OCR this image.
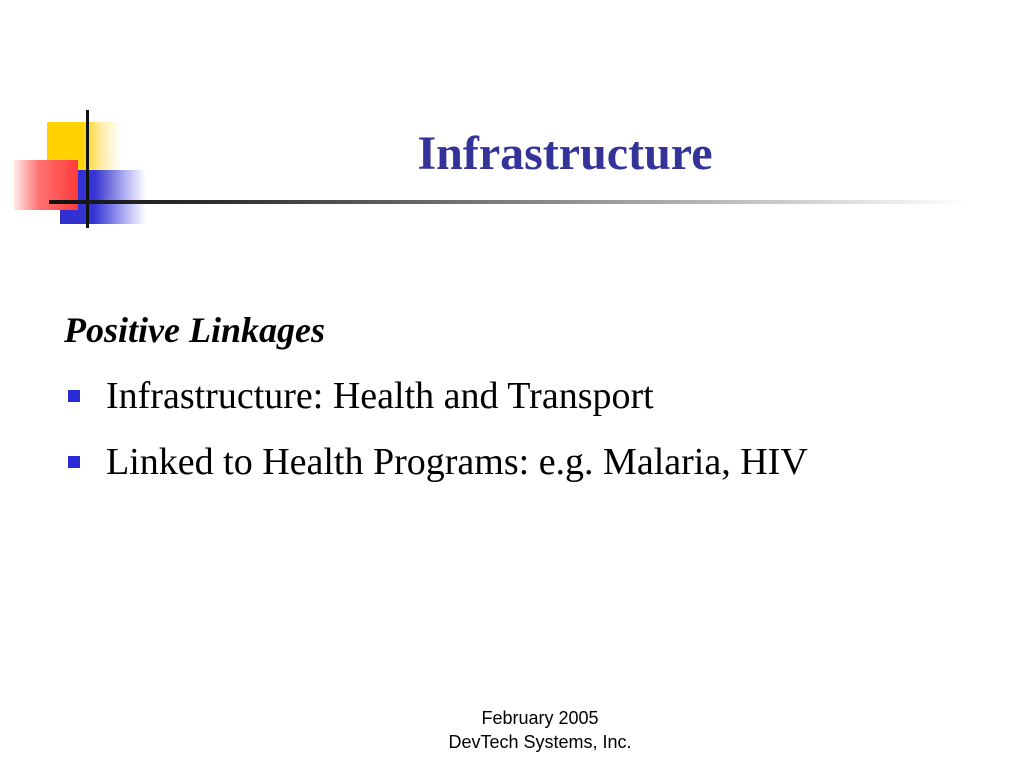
Infrastructure

Positive Linkages

Infrastructure: Health and Transport
Linked to Health Programs: e.g. Malaria, HIV
February 2005
DevTech Systems, Inc.
